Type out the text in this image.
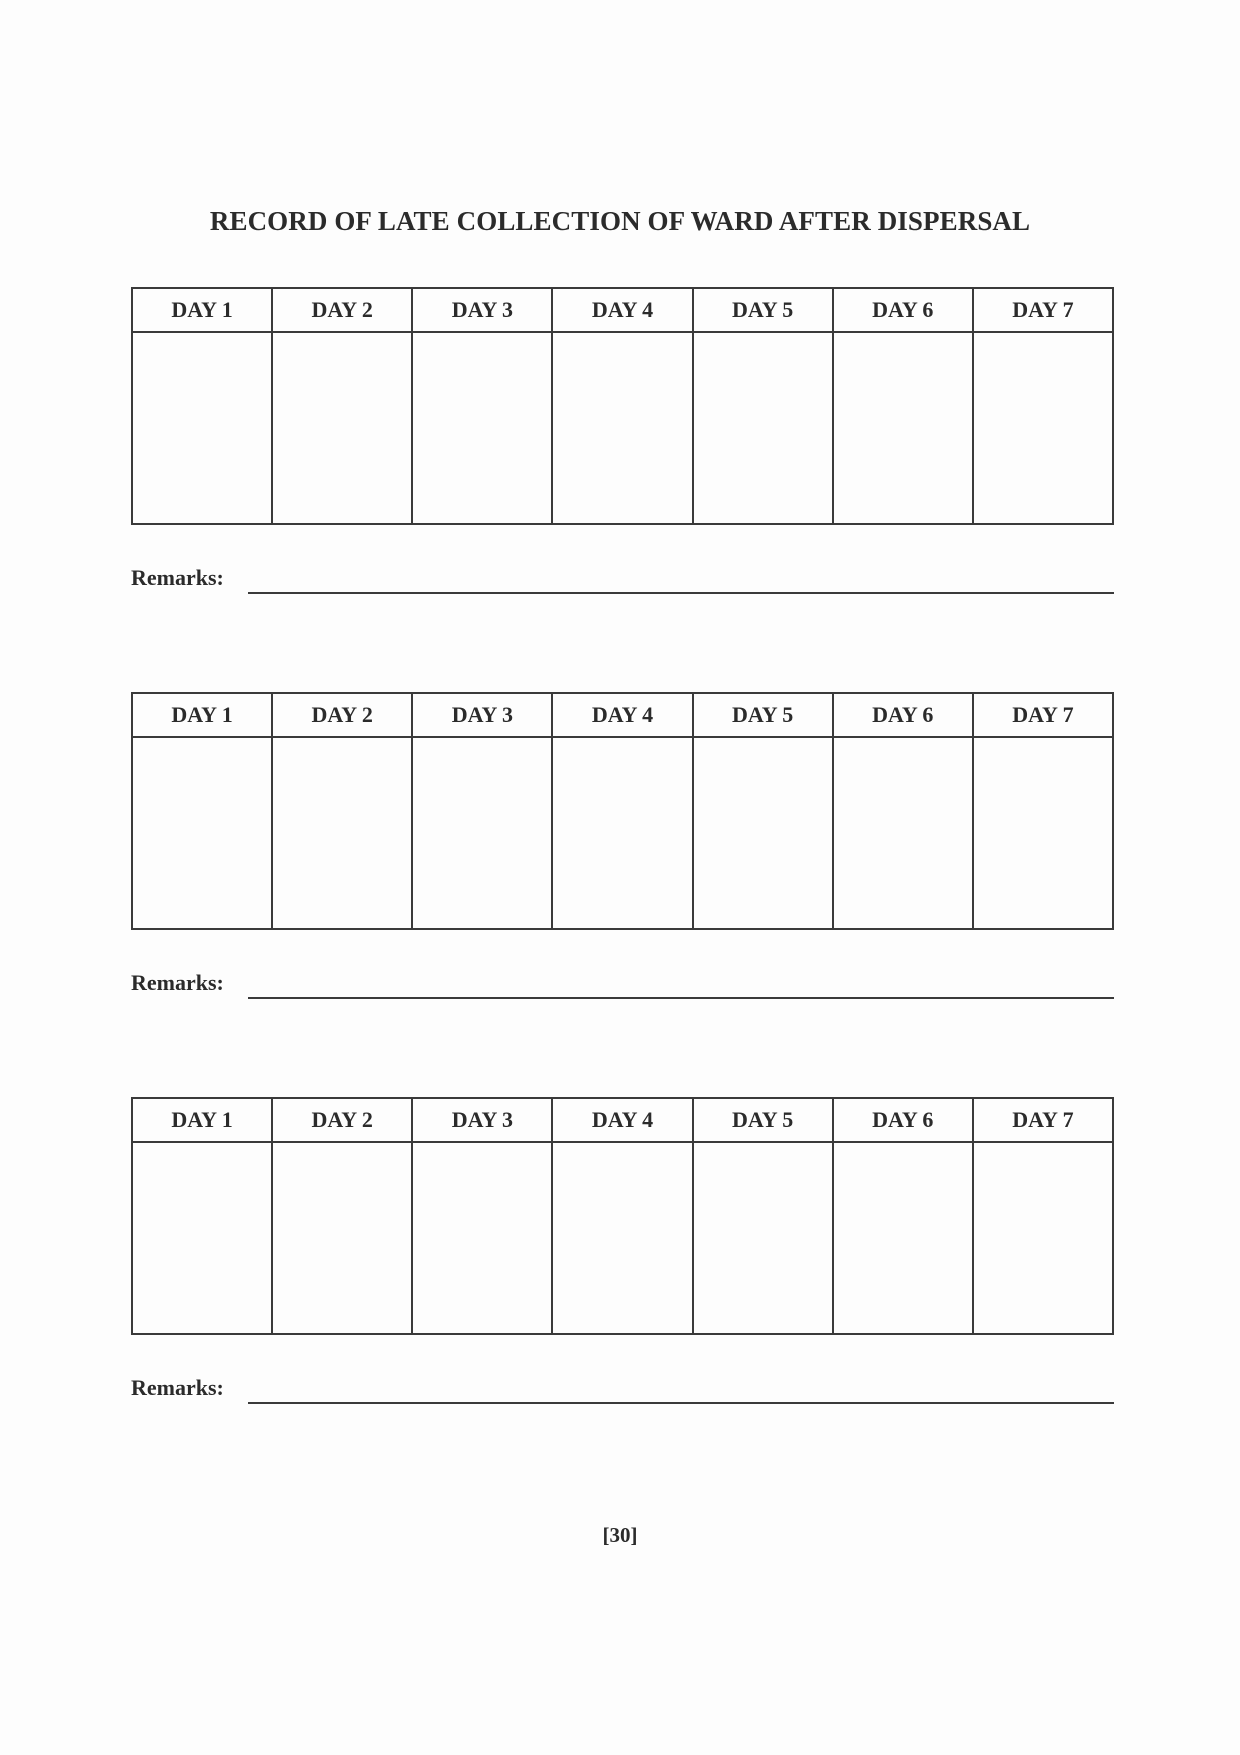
RECORD OF LATE COLLECTION OF WARD AFTER DISPERSAL
DAY 1	DAY 2	DAY 3	DAY 4	DAY 5	DAY 6	DAY 7

Remarks:
DAY 1	DAY 2	DAY 3	DAY 4	DAY 5	DAY 6	DAY 7

Remarks:
DAY 1	DAY 2	DAY 3	DAY 4	DAY 5	DAY 6	DAY 7

Remarks:
[30]
